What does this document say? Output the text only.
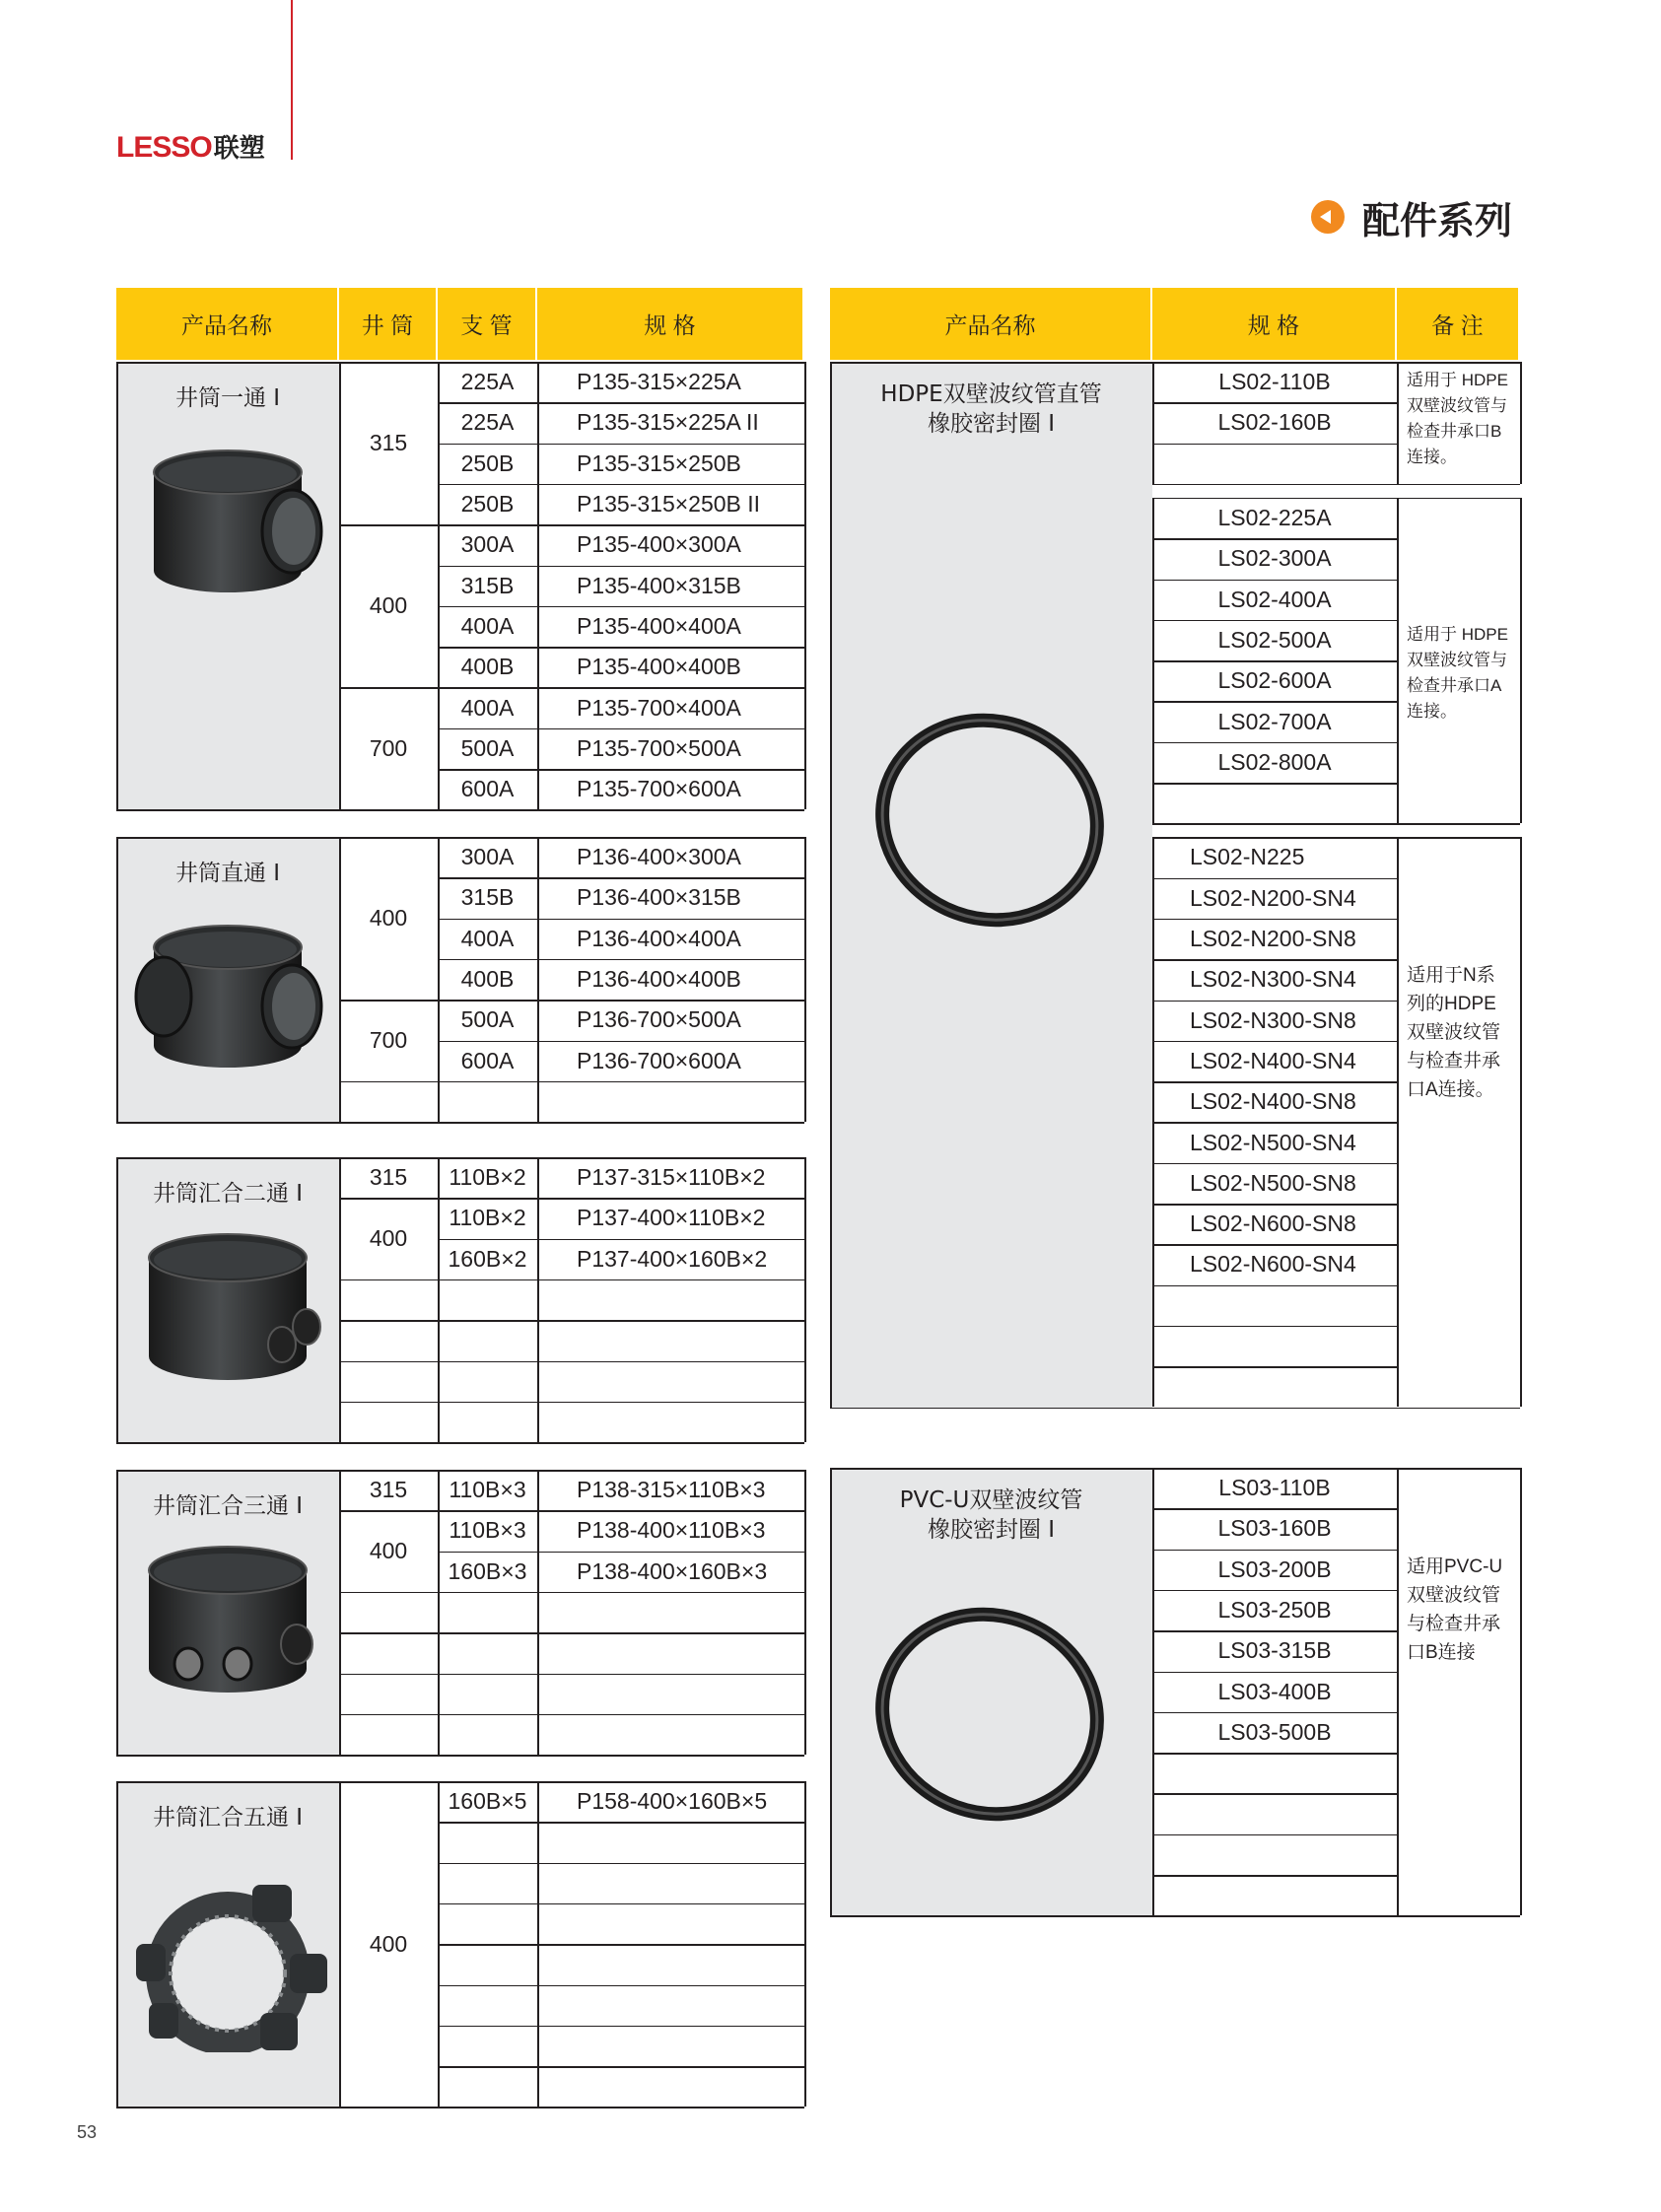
LESSO 联塑
配件系列
53
产品名称	井 筒	支 管	规 格
井筒一通 I
315
225A	P135-315×225A
225A	P135-315×225A II
250B	P135-315×250B
250B	P135-315×250B II
400
300A	P135-400×300A
315B	P135-400×315B
400A	P135-400×400A
400B	P135-400×400B
700
400A	P135-700×400A
500A	P135-700×500A
600A	P135-700×600A
井筒直通 I
400
300A	P136-400×300A
315B	P136-400×315B
400A	P136-400×400A
400B	P136-400×400B
700
500A	P136-700×500A
600A	P136-700×600A
井筒汇合二通 I
315	110B×2	P137-315×110B×2
400
110B×2	P137-400×110B×2
160B×2	P137-400×160B×2
井筒汇合三通 I
315	110B×3	P138-315×110B×3
400
110B×3	P138-400×110B×3
160B×3	P138-400×160B×3
井筒汇合五通 I
400
160B×5	P158-400×160B×5
产品名称	规 格	备 注
HDPE双壁波纹管直管
橡胶密封圈 I
LS02-110B
LS02-160B
适用于 HDPE双壁波纹管与检查井承口B连接。
LS02-225A
LS02-300A
LS02-400A
LS02-500A
LS02-600A
LS02-700A
LS02-800A
适用于 HDPE双壁波纹管与检查井承口A连接。
LS02-N225
LS02-N200-SN4
LS02-N200-SN8
LS02-N300-SN4
LS02-N300-SN8
LS02-N400-SN4
LS02-N400-SN8
LS02-N500-SN4
LS02-N500-SN8
LS02-N600-SN8
LS02-N600-SN4
适用于N系列的HDPE双壁波纹管与检查井承口A连接。
PVC-U双壁波纹管
橡胶密封圈 I
LS03-110B
LS03-160B
LS03-200B
LS03-250B
LS03-315B
LS03-400B
LS03-500B
适用PVC-U双壁波纹管与检查井承口B连接
